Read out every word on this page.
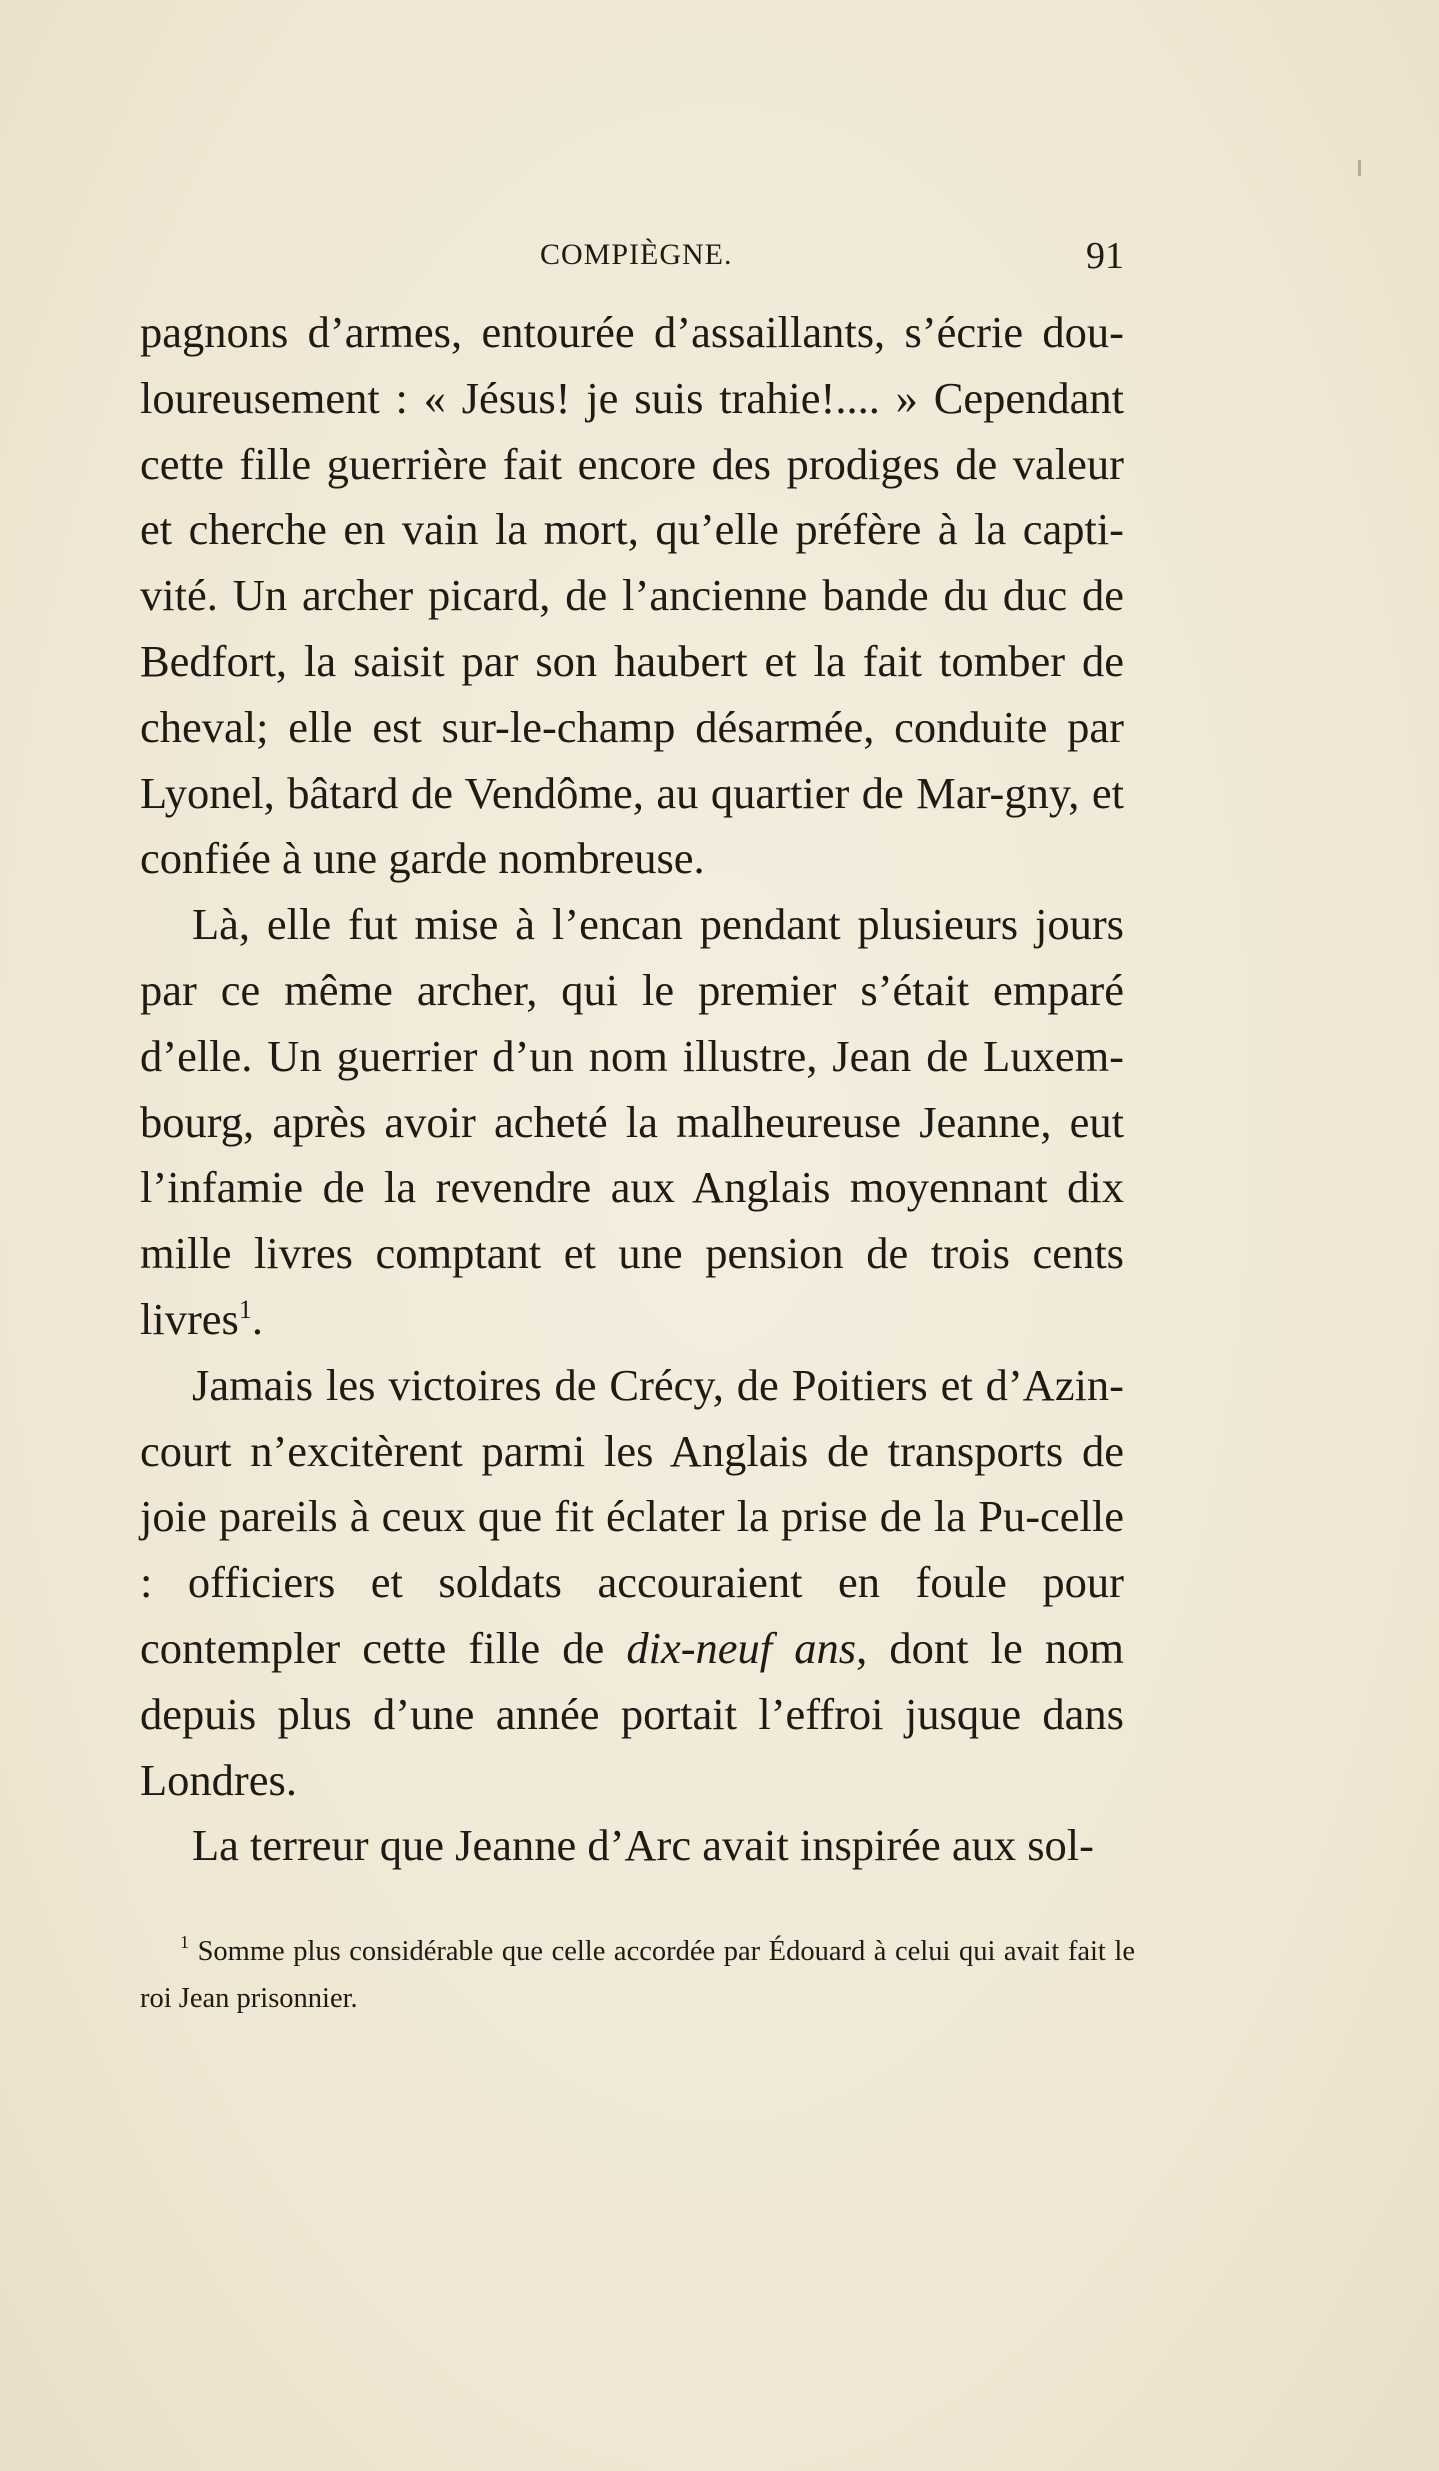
COMPIÈGNE.	91

pagnons d’armes, entourée d’assaillants, s’écrie dou-loureusement : « Jésus! je suis trahie!.... » Cependant cette fille guerrière fait encore des prodiges de valeur et cherche en vain la mort, qu’elle préfère à la capti-vité. Un archer picard, de l’ancienne bande du duc de Bedfort, la saisit par son haubert et la fait tomber de cheval; elle est sur-le-champ désarmée, conduite par Lyonel, bâtard de Vendôme, au quartier de Mar-gny, et confiée à une garde nombreuse.

Là, elle fut mise à l’encan pendant plusieurs jours par ce même archer, qui le premier s’était emparé d’elle. Un guerrier d’un nom illustre, Jean de Luxem-bourg, après avoir acheté la malheureuse Jeanne, eut l’infamie de la revendre aux Anglais moyennant dix mille livres comptant et une pension de trois cents livres$^1$.

Jamais les victoires de Crécy, de Poitiers et d’Azin-court n’excitèrent parmi les Anglais de transports de joie pareils à ceux que fit éclater la prise de la Pu-celle : officiers et soldats accouraient en foule pour contempler cette fille de dix-neuf ans, dont le nom depuis plus d’une année portait l’effroi jusque dans Londres.

La terreur que Jeanne d’Arc avait inspirée aux sol-

$^1$ Somme plus considérable que celle accordée par Édouard à celui qui avait fait le roi Jean prisonnier.
